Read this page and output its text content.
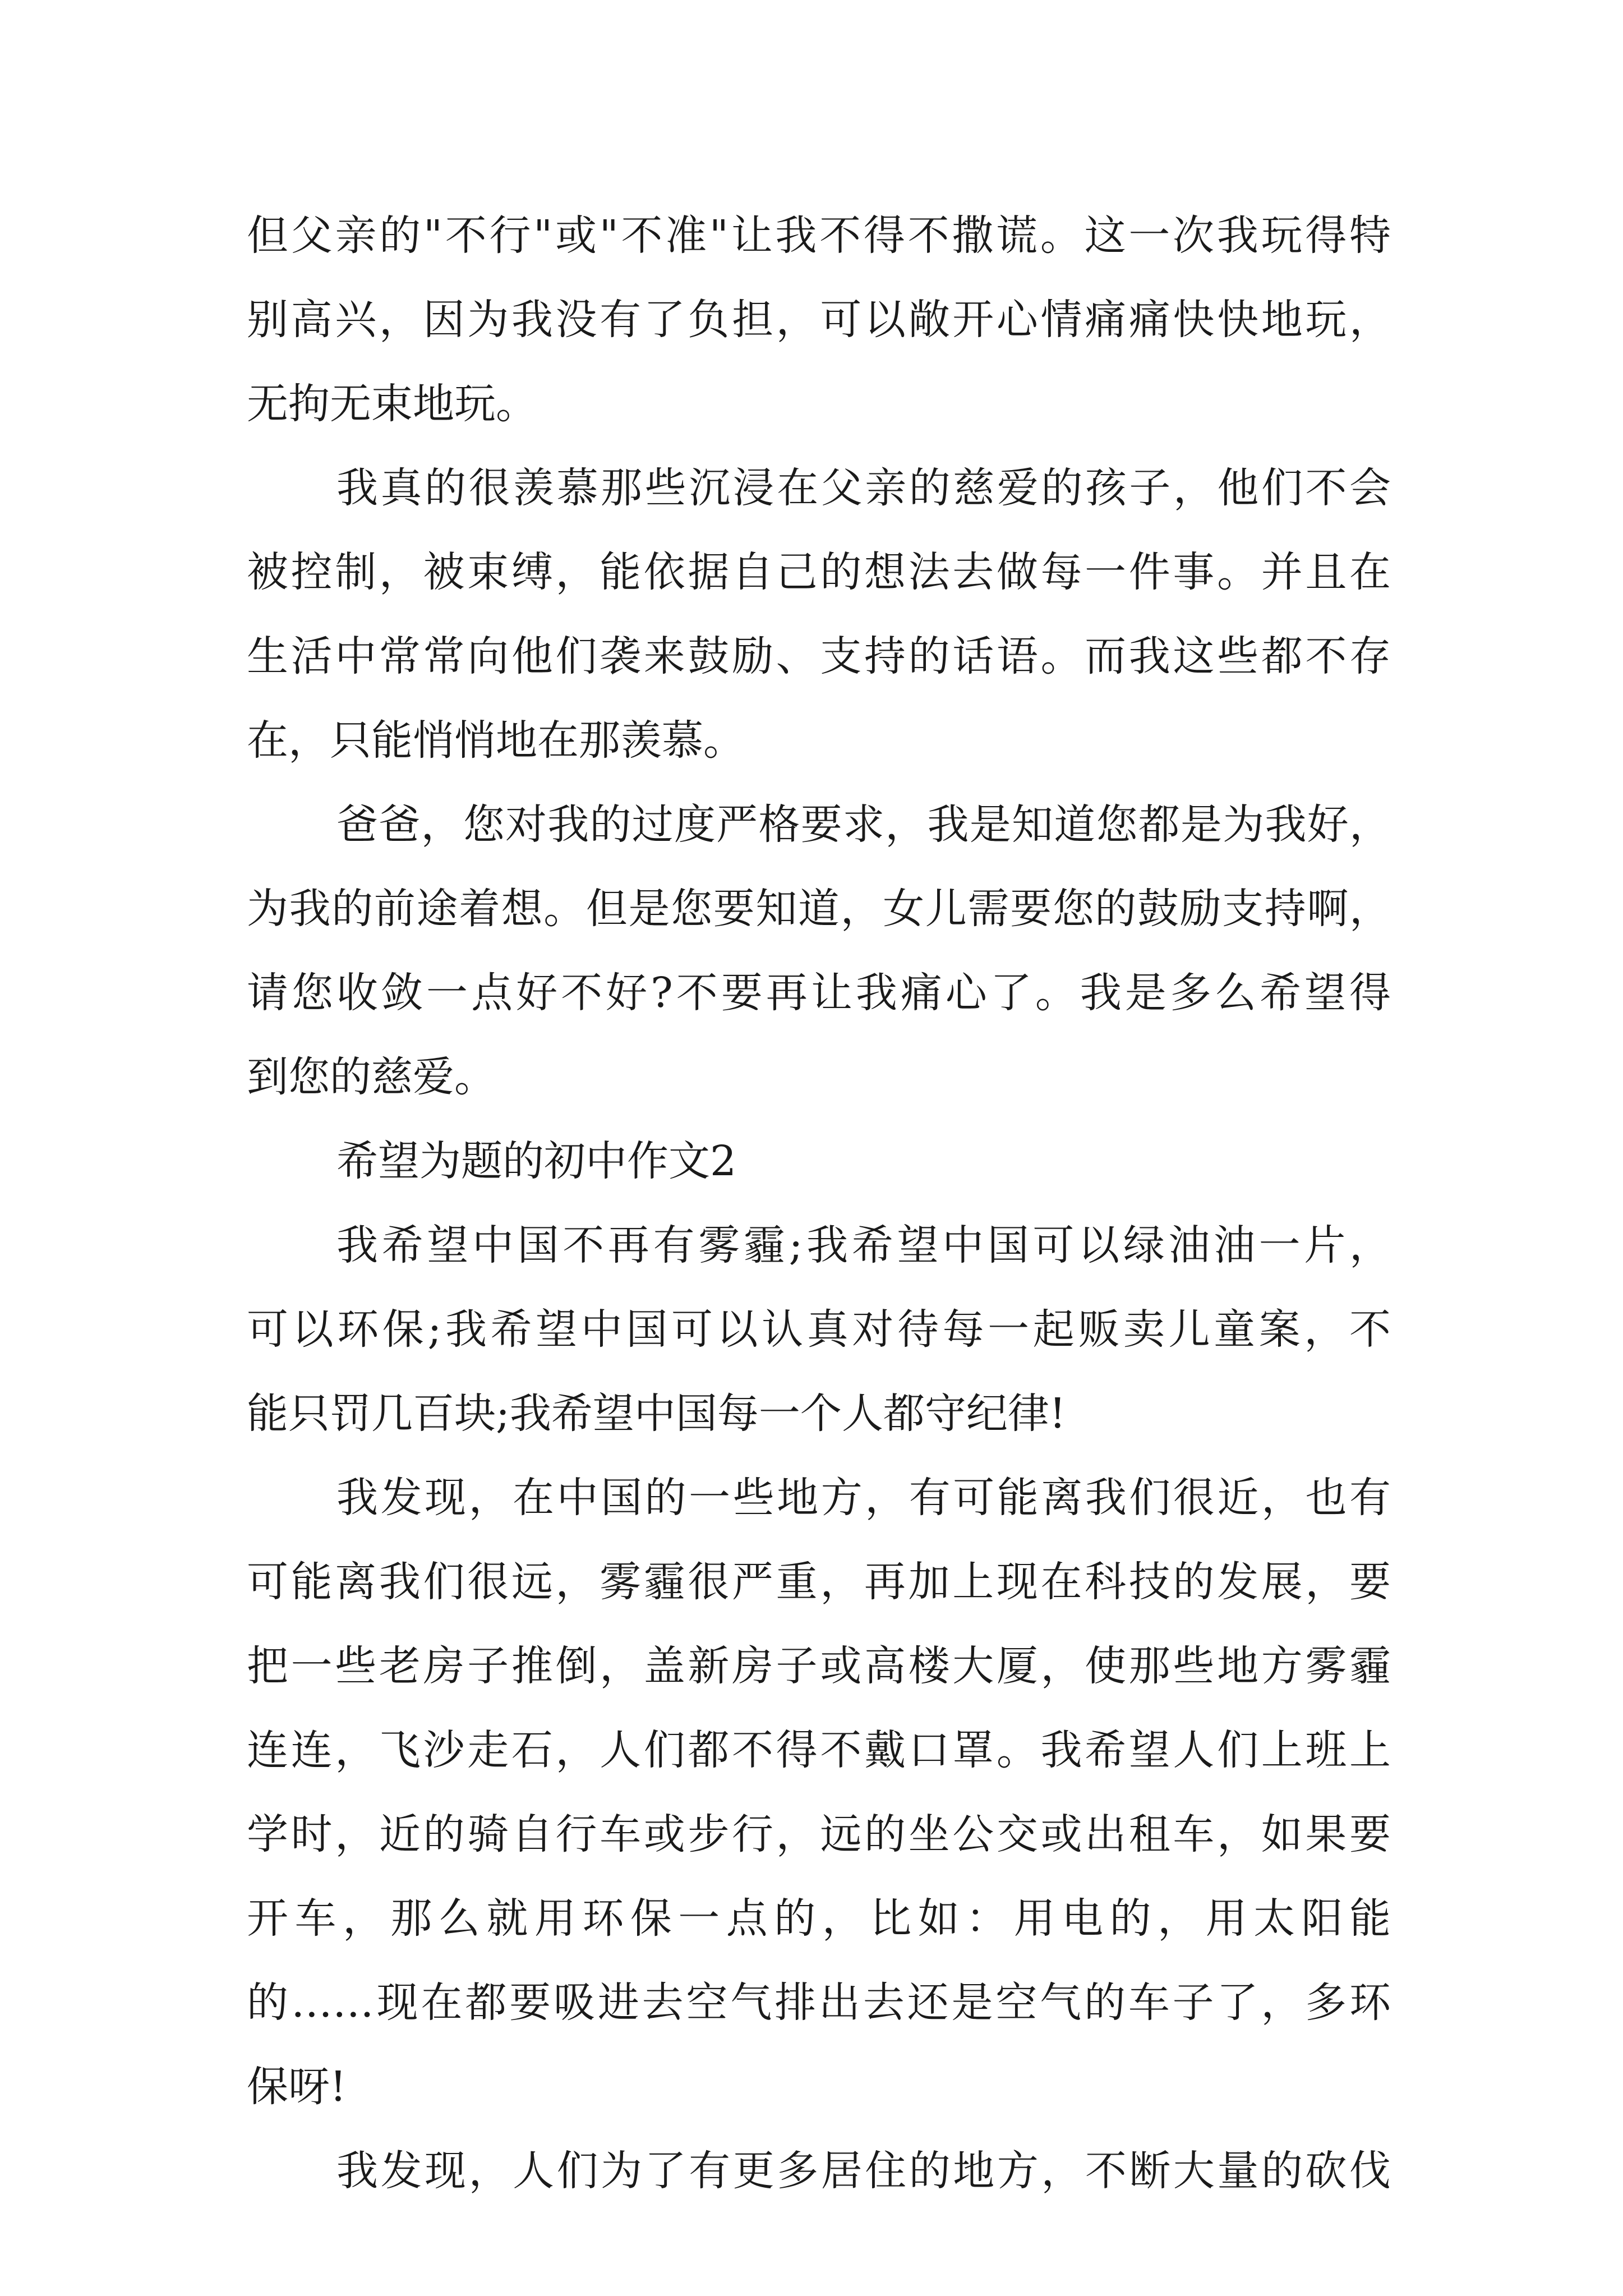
但父亲的"不行"或"不准"让我不得不撒谎。这一次我玩得特
别高兴，因为我没有了负担，可以敞开心情痛痛快快地玩，
无拘无束地玩。
我真的很羡慕那些沉浸在父亲的慈爱的孩子，他们不会
被控制，被束缚，能依据自己的想法去做每一件事。并且在
生活中常常向他们袭来鼓励、支持的话语。而我这些都不存
在，只能悄悄地在那羡慕。
爸爸，您对我的过度严格要求，我是知道您都是为我好，
为我的前途着想。但是您要知道，女儿需要您的鼓励支持啊，
请您收敛一点好不好?不要再让我痛心了。我是多么希望得
到您的慈爱。
希望为题的初中作文2
我希望中国不再有雾霾;我希望中国可以绿油油一片，
可以环保;我希望中国可以认真对待每一起贩卖儿童案，不
能只罚几百块;我希望中国每一个人都守纪律!
我发现，在中国的一些地方，有可能离我们很近，也有
可能离我们很远，雾霾很严重，再加上现在科技的发展，要
把一些老房子推倒，盖新房子或高楼大厦，使那些地方雾霾
连连，飞沙走石，人们都不得不戴口罩。我希望人们上班上
学时，近的骑自行车或步行，远的坐公交或出租车，如果要
开车，那么就用环保一点的，比如：用电的，用太阳能
的……现在都要吸进去空气排出去还是空气的车子了，多环
保呀!
我发现，人们为了有更多居住的地方，不断大量的砍伐
